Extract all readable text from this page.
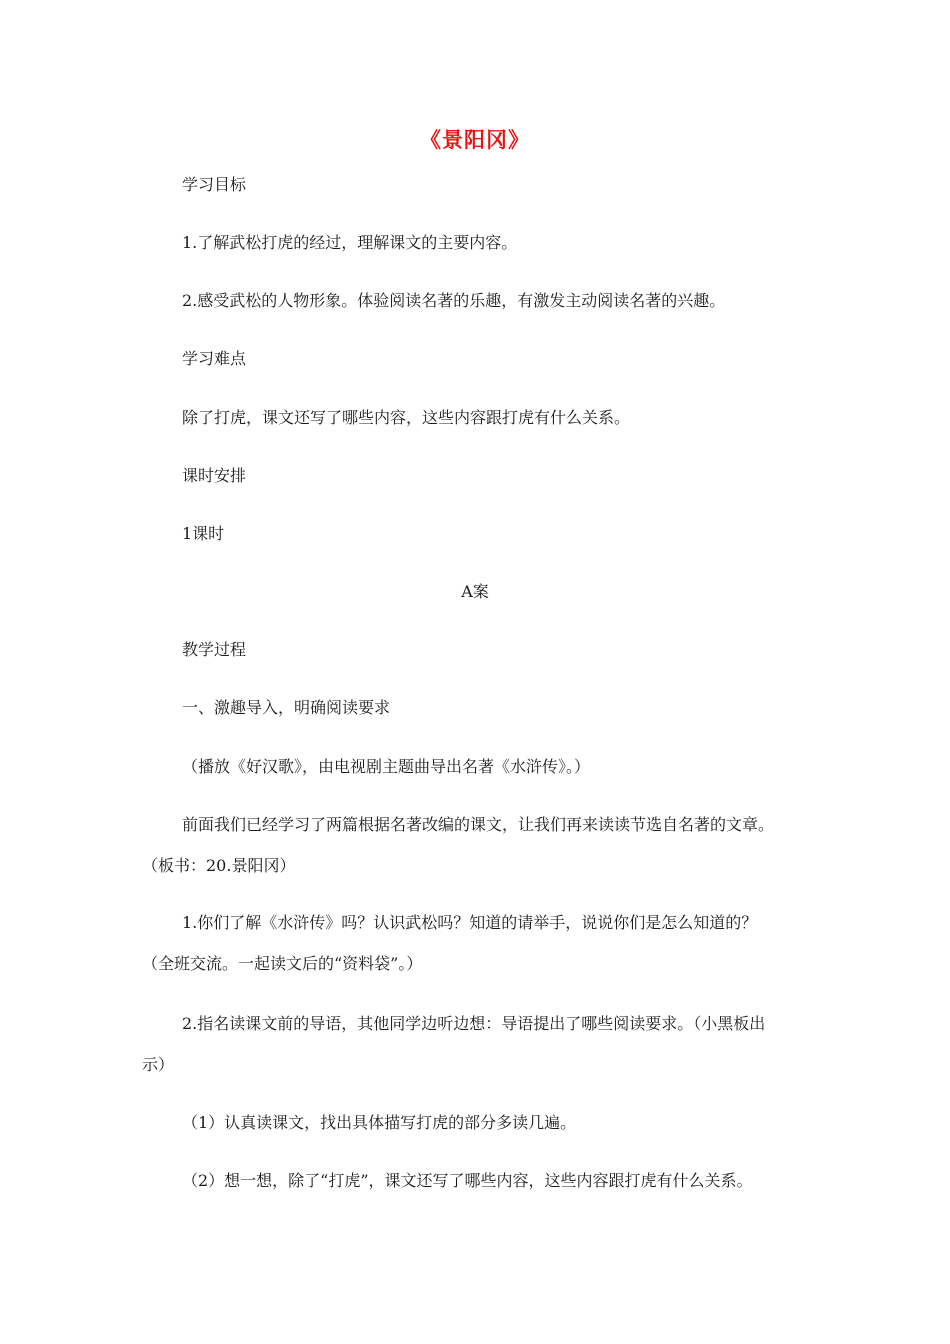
《景阳冈》
学习目标
1.了解武松打虎的经过，理解课文的主要内容。
2.感受武松的人物形象。体验阅读名著的乐趣，有激发主动阅读名著的兴趣。
学习难点
除了打虎，课文还写了哪些内容，这些内容跟打虎有什么关系。
课时安排
1课时
A案
教学过程
一、激趣导入，明确阅读要求
（播放《好汉歌》，由电视剧主题曲导出名著《水浒传》。）
前面我们已经学习了两篇根据名著改编的课文，让我们再来读读节选自名著的文章。
（板书：20.景阳冈）
1.你们了解《水浒传》吗？认识武松吗？知道的请举手，说说你们是怎么知道的？
（全班交流。一起读文后的“资料袋”。）
2.指名读课文前的导语，其他同学边听边想：导语提出了哪些阅读要求。（小黑板出
示）
（1）认真读课文，找出具体描写打虎的部分多读几遍。
（2）想一想，除了“打虎”，课文还写了哪些内容，这些内容跟打虎有什么关系。
